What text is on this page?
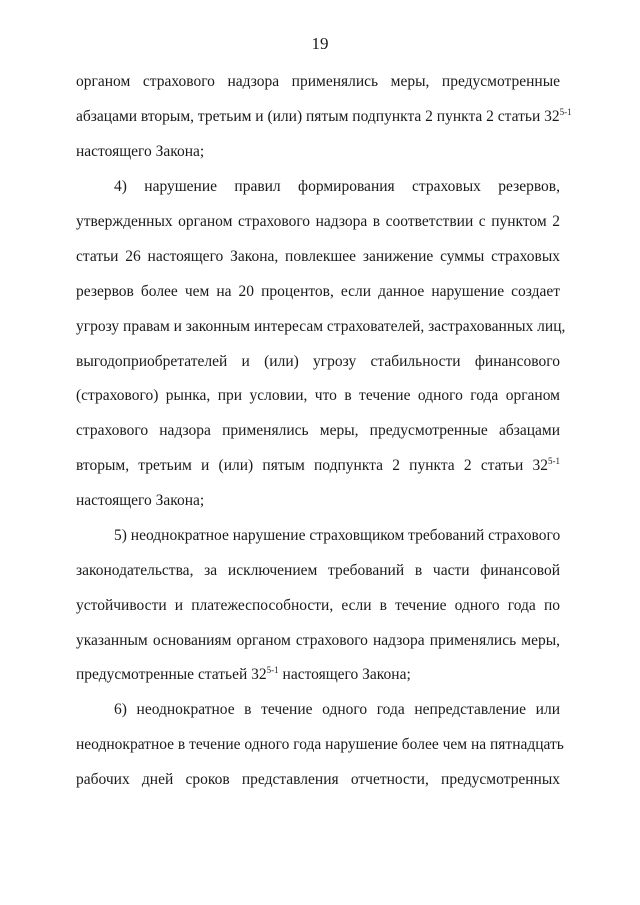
19
органом страхового надзора применялись меры, предусмотренные
абзацами вторым, третьим и (или) пятым подпункта 2 пункта 2 статьи 32$^{5-1}$
настоящего Закона;
4) нарушение правил формирования страховых резервов,
утвержденных органом страхового надзора в соответствии с пунктом 2
статьи 26 настоящего Закона, повлекшее занижение суммы страховых
резервов более чем на 20 процентов, если данное нарушение создает
угрозу правам и законным интересам страхователей, застрахованных лиц,
выгодоприобретателей и (или) угрозу стабильности финансового
(страхового) рынка, при условии, что в течение одного года органом
страхового надзора применялись меры, предусмотренные абзацами
вторым, третьим и (или) пятым подпункта 2 пункта 2 статьи 32$^{5-1}$
настоящего Закона;
5) неоднократное нарушение страховщиком требований страхового
законодательства, за исключением требований в части финансовой
устойчивости и платежеспособности, если в течение одного года по
указанным основаниям органом страхового надзора применялись меры,
предусмотренные статьей 32$^{5-1}$ настоящего Закона;
6) неоднократное в течение одного года непредставление или
неоднократное в течение одного года нарушение более чем на пятнадцать
рабочих дней сроков представления отчетности, предусмотренных
